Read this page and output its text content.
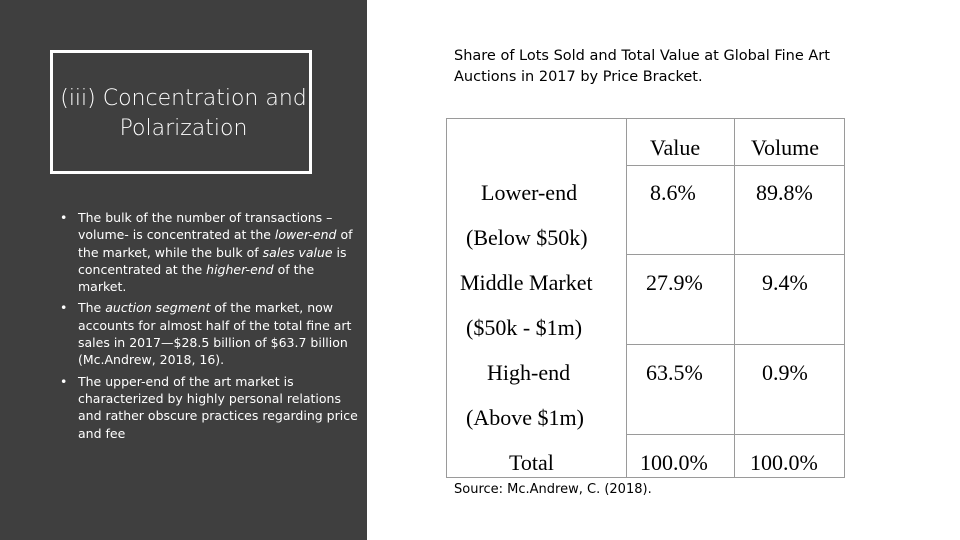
(iii) Concentration and
Polarization
• The bulk of the number of transactions – volume- is concentrated at the lower-end of the market, while the bulk of sales value is concentrated at the higher-end of the market.
• The auction segment of the market, now accounts for almost half of the total fine art sales in 2017—$28.5 billion of $63.7 billion (Mc.Andrew, 2018, 16).
• The upper-end of the art market is characterized by highly personal relations and rather obscure practices regarding price and fee
Share of Lots Sold and Total Value at Global Fine Art Auctions in 2017 by Price Bracket.
Value Volume
Lower-end
(Below $50k)
8.6%	89.8%
Middle Market
($50k - $1m)
27.9%	9.4%
High-end
(Above $1m)
63.5%	0.9%
Total	100.0% 100.0%
Source: Mc.Andrew, C. (2018).
